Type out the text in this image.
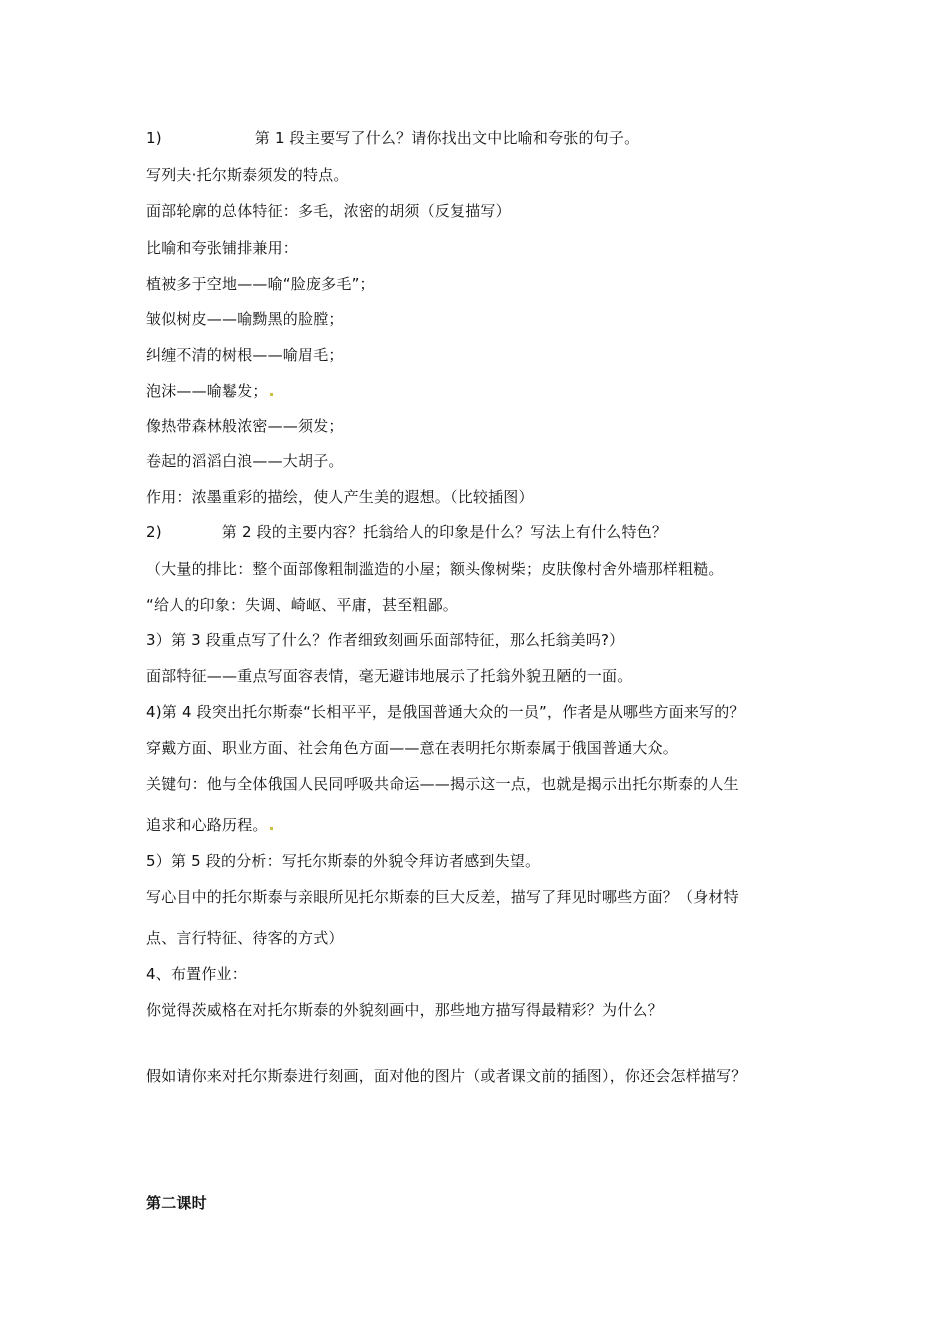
1)	第 1 段主要写了什么？请你找出文中比喻和夸张的句子。
写列夫·托尔斯泰须发的特点。
面部轮廓的总体特征：多毛，浓密的胡须（反复描写）
比喻和夸张铺排兼用：
植被多于空地——喻“脸庞多毛”；
皱似树皮——喻黝黑的脸膛；
纠缠不清的树根——喻眉毛；
泡沫——喻鬈发；
像热带森林般浓密——须发；
卷起的滔滔白浪——大胡子。
作用：浓墨重彩的描绘，使人产生美的遐想。（比较插图）
2)	第 2 段的主要内容？托翁给人的印象是什么？写法上有什么特色？
（大量的排比：整个面部像粗制滥造的小屋；额头像树柴；皮肤像村舍外墙那样粗糙。
“给人的印象：失调、崎岖、平庸，甚至粗鄙。
3）第 3 段重点写了什么？作者细致刻画乐面部特征，那么托翁美吗?）
面部特征——重点写面容表情，毫无避讳地展示了托翁外貌丑陋的一面。
4)第 4 段突出托尔斯泰“长相平平，是俄国普通大众的一员”，作者是从哪些方面来写的？
穿戴方面、职业方面、社会角色方面——意在表明托尔斯泰属于俄国普通大众。
关键句：他与全体俄国人民同呼吸共命运——揭示这一点，也就是揭示出托尔斯泰的人生
追求和心路历程。
5）第 5 段的分析：写托尔斯泰的外貌令拜访者感到失望。
写心目中的托尔斯泰与亲眼所见托尔斯泰的巨大反差，描写了拜见时哪些方面？（身材特
点、言行特征、待客的方式）
4、布置作业：
你觉得茨威格在对托尔斯泰的外貌刻画中，那些地方描写得最精彩？为什么？
假如请你来对托尔斯泰进行刻画，面对他的图片（或者课文前的插图），你还会怎样描写？
第二课时
